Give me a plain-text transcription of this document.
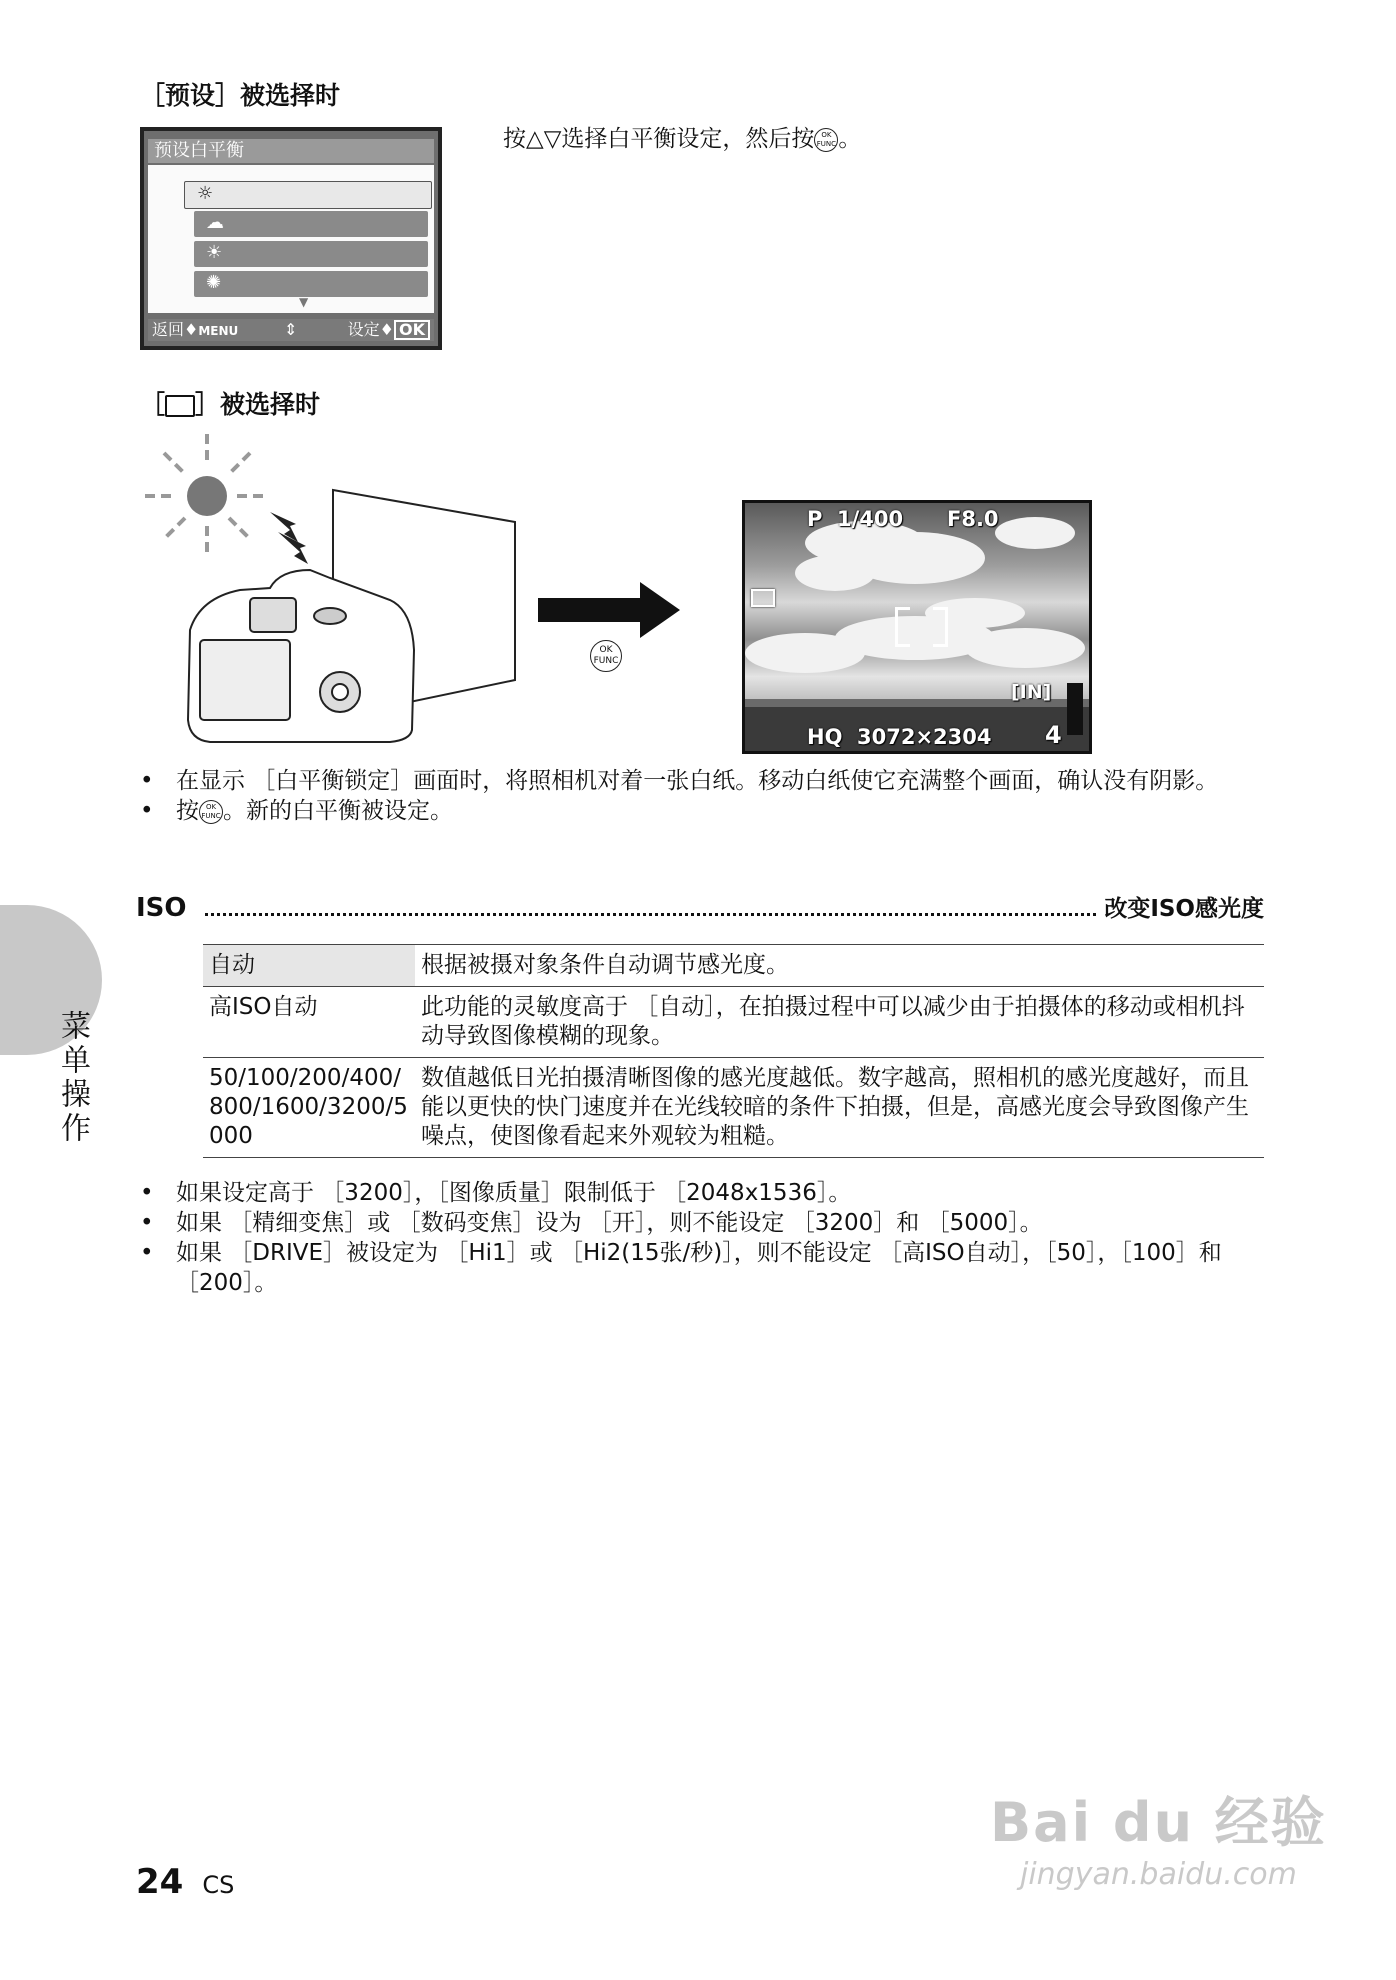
［预设］被选择时
预设白平衡
☼
☁
☀
✺
▼
返回♦MENU	⇕	设定♦ OK
按△▽选择白平衡设定，然后按 OK
FUNC 。
［ ］被选择时
OK
FUNC
P 1/400 F8.0
[IN]
HQ 3072×2304 4
• 在显示 ［白平衡锁定］画面时，将照相机对着一张白纸。移动白纸使它充满整个画面，确认没有阴影。
• 按 OK
FUNC 。新的白平衡被设定。
ISO	改变ISO感光度
自动	根据被摄对象条件自动调节感光度。
高ISO自动	此功能的灵敏度高于 ［自动］，在拍摄过程中可以减少由于拍摄体的移动或相机抖动导致图像模糊的现象。
50/100/200/400/800/1600/3200/5000	数值越低日光拍摄清晰图像的感光度越低。数字越高，照相机的感光度越好，而且能以更快的快门速度并在光线较暗的条件下拍摄，但是，高感光度会导致图像产生噪点，使图像看起来外观较为粗糙。
• 如果设定高于 ［3200］，［图像质量］限制低于 ［2048x1536］。
• 如果 ［精细变焦］或 ［数码变焦］设为 ［开］，则不能设定 ［3200］和 ［5000］。
• 如果 ［DRIVE］被设定为 ［Hi1］或 ［Hi2(15张/秒)］，则不能设定 ［高ISO自动］，［50］，［100］和 ［200］。
菜单操作
24 CS
Bai du 经验
jingyan.baidu.com
